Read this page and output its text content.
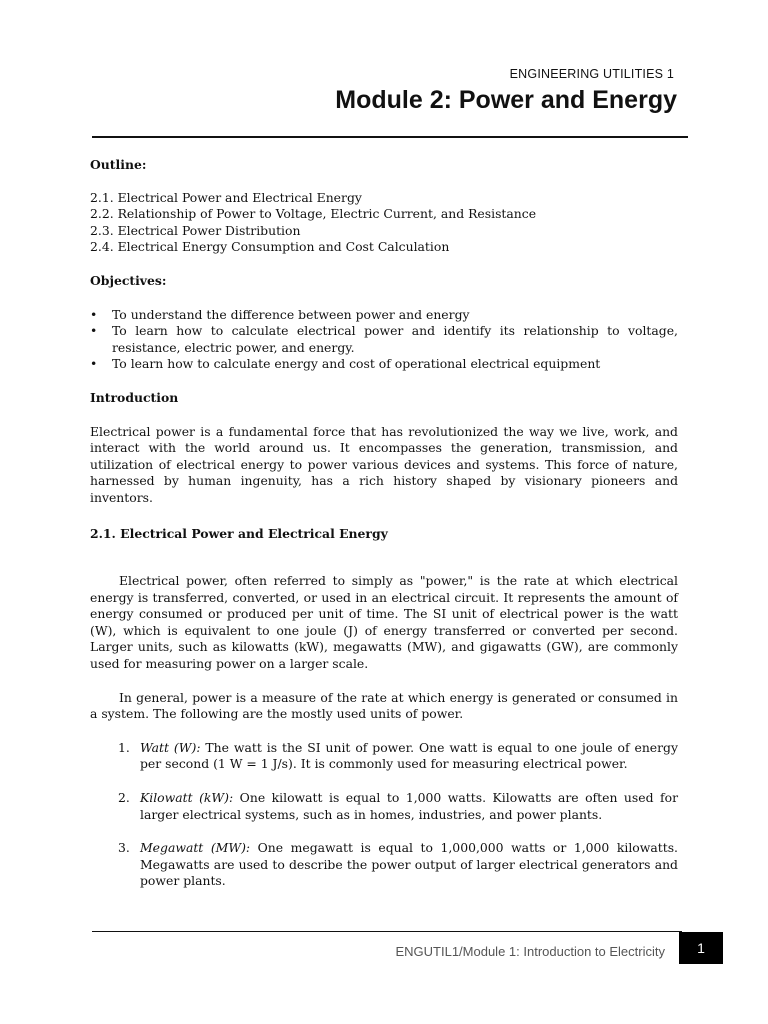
ENGINEERING UTILITIES 1
Module 2: Power and Energy
Outline:
2.1. Electrical Power and Electrical Energy
2.2. Relationship of Power to Voltage, Electric Current, and Resistance
2.3. Electrical Power Distribution
2.4. Electrical Energy Consumption and Cost Calculation
Objectives:
• To understand the difference between power and energy
• To learn how to calculate electrical power and identify its relationship to voltage, resistance, electric power, and energy.
• To learn how to calculate energy and cost of operational electrical equipment
Introduction

Electrical power is a fundamental force that has revolutionized the way we live, work, and interact with the world around us. It encompasses the generation, transmission, and utilization of electrical energy to power various devices and systems. This force of nature, harnessed by human ingenuity, has a rich history shaped by visionary pioneers and inventors.

2.1. Electrical Power and Electrical Energy

Electrical power, often referred to simply as "power," is the rate at which electrical energy is transferred, converted, or used in an electrical circuit. It represents the amount of energy consumed or produced per unit of time. The SI unit of electrical power is the watt (W), which is equivalent to one joule (J) of energy transferred or converted per second. Larger units, such as kilowatts (kW), megawatts (MW), and gigawatts (GW), are commonly used for measuring power on a larger scale.

In general, power is a measure of the rate at which energy is generated or consumed in a system. The following are the mostly used units of power.

1. Watt (W): The watt is the SI unit of power. One watt is equal to one joule of energy per second (1 W = 1 J/s). It is commonly used for measuring electrical power.
2. Kilowatt (kW): One kilowatt is equal to 1,000 watts. Kilowatts are often used for larger electrical systems, such as in homes, industries, and power plants.
3. Megawatt (MW): One megawatt is equal to 1,000,000 watts or 1,000 kilowatts. Megawatts are used to describe the power output of larger electrical generators and power plants.
ENGUTIL1/Module 1: Introduction to Electricity	1
